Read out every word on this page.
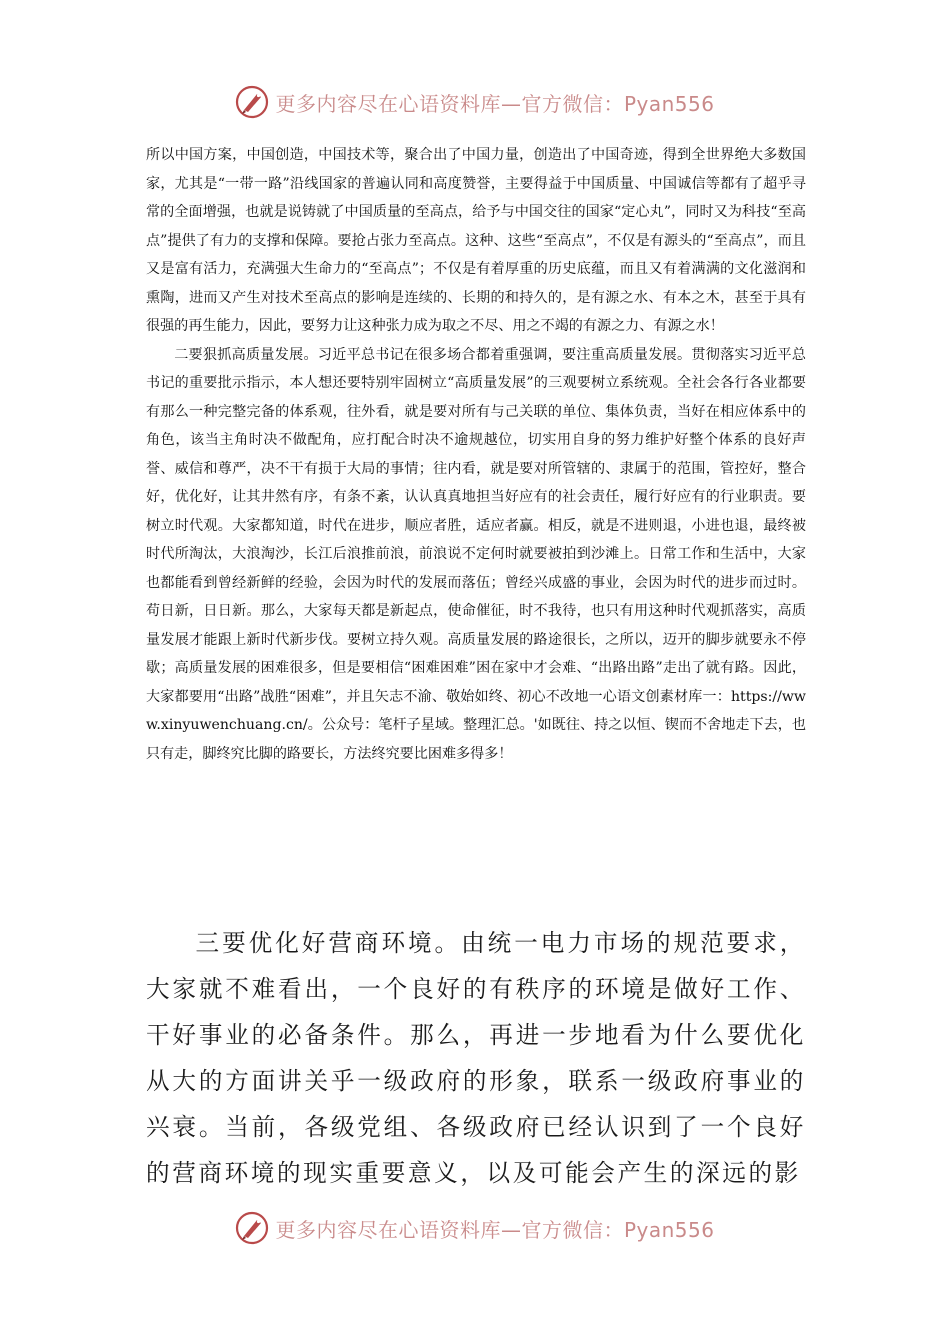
更多内容尽在心语资料库—官方微信：Pyan556

所以中国方案，中国创造，中国技术等，聚合出了中国力量，创造出了中国奇迹，得到全世界绝大多数国家，尤其是“一带一路”沿线国家的普遍认同和高度赞誉，主要得益于中国质量、中国诚信等都有了超乎寻常的全面增强，也就是说铸就了中国质量的至高点，给予与中国交往的国家“定心丸”，同时又为科技“至高点”提供了有力的支撑和保障。要抢占张力至高点。这种、这些“至高点”，不仅是有源头的“至高点”，而且又是富有活力，充满强大生命力的“至高点”；不仅是有着厚重的历史底蕴，而且又有着满满的文化滋润和熏陶，进而又产生对技术至高点的影响是连续的、长期的和持久的，是有源之水、有本之木，甚至于具有很强的再生能力，因此，要努力让这种张力成为取之不尽、用之不竭的有源之力、有源之水！

二要狠抓高质量发展。习近平总书记在很多场合都着重强调，要注重高质量发展。贯彻落实习近平总书记的重要批示指示，本人想还要特别牢固树立“高质量发展”的三观要树立系统观。全社会各行各业都要有那么一种完整完备的体系观，往外看，就是要对所有与己关联的单位、集体负责，当好在相应体系中的角色，该当主角时决不做配角，应打配合时决不逾规越位，切实用自身的努力维护好整个体系的良好声誉、威信和尊严，决不干有损于大局的事情；往内看，就是要对所管辖的、隶属于的范围，管控好，整合好，优化好，让其井然有序，有条不紊，认认真真地担当好应有的社会责任，履行好应有的行业职责。要树立时代观。大家都知道，时代在进步，顺应者胜，适应者赢。相反，就是不进则退，小进也退，最终被时代所淘汰，大浪淘沙，长江后浪推前浪，前浪说不定何时就要被拍到沙滩上。日常工作和生活中，大家也都能看到曾经新鲜的经验，会因为时代的发展而落伍；曾经兴成盛的事业，会因为时代的进步而过时。苟日新，日日新。那么，大家每天都是新起点，使命催征，时不我待，也只有用这种时代观抓落实，高质量发展才能跟上新时代新步伐。要树立持久观。高质量发展的路途很长，之所以，迈开的脚步就要永不停歇；高质量发展的困难很多，但是要相信“困难困难”困在家中才会难、“出路出路”走出了就有路。因此，大家都要用“出路”战胜“困难”，并且矢志不渝、敬始如终、初心不改地一心语文创素材库一：https://www.xinyuwenchuang.cn/。公众号：笔杆子星域。整理汇总。'如既往、持之以恒、锲而不舍地走下去，也只有走，脚终究比脚的路要长，方法终究要比困难多得多！

三要优化好营商环境。由统一电力市场的规范要求，大家就不难看出，一个良好的有秩序的环境是做好工作、干好事业的必备条件。那么，再进一步地看为什么要优化从大的方面讲关乎一级政府的形象，联系一级政府事业的兴衰。当前，各级党组、各级政府已经认识到了一个良好的营商环境的现实重要意义，以及可能会产生的深远的影

更多内容尽在心语资料库—官方微信：Pyan556
